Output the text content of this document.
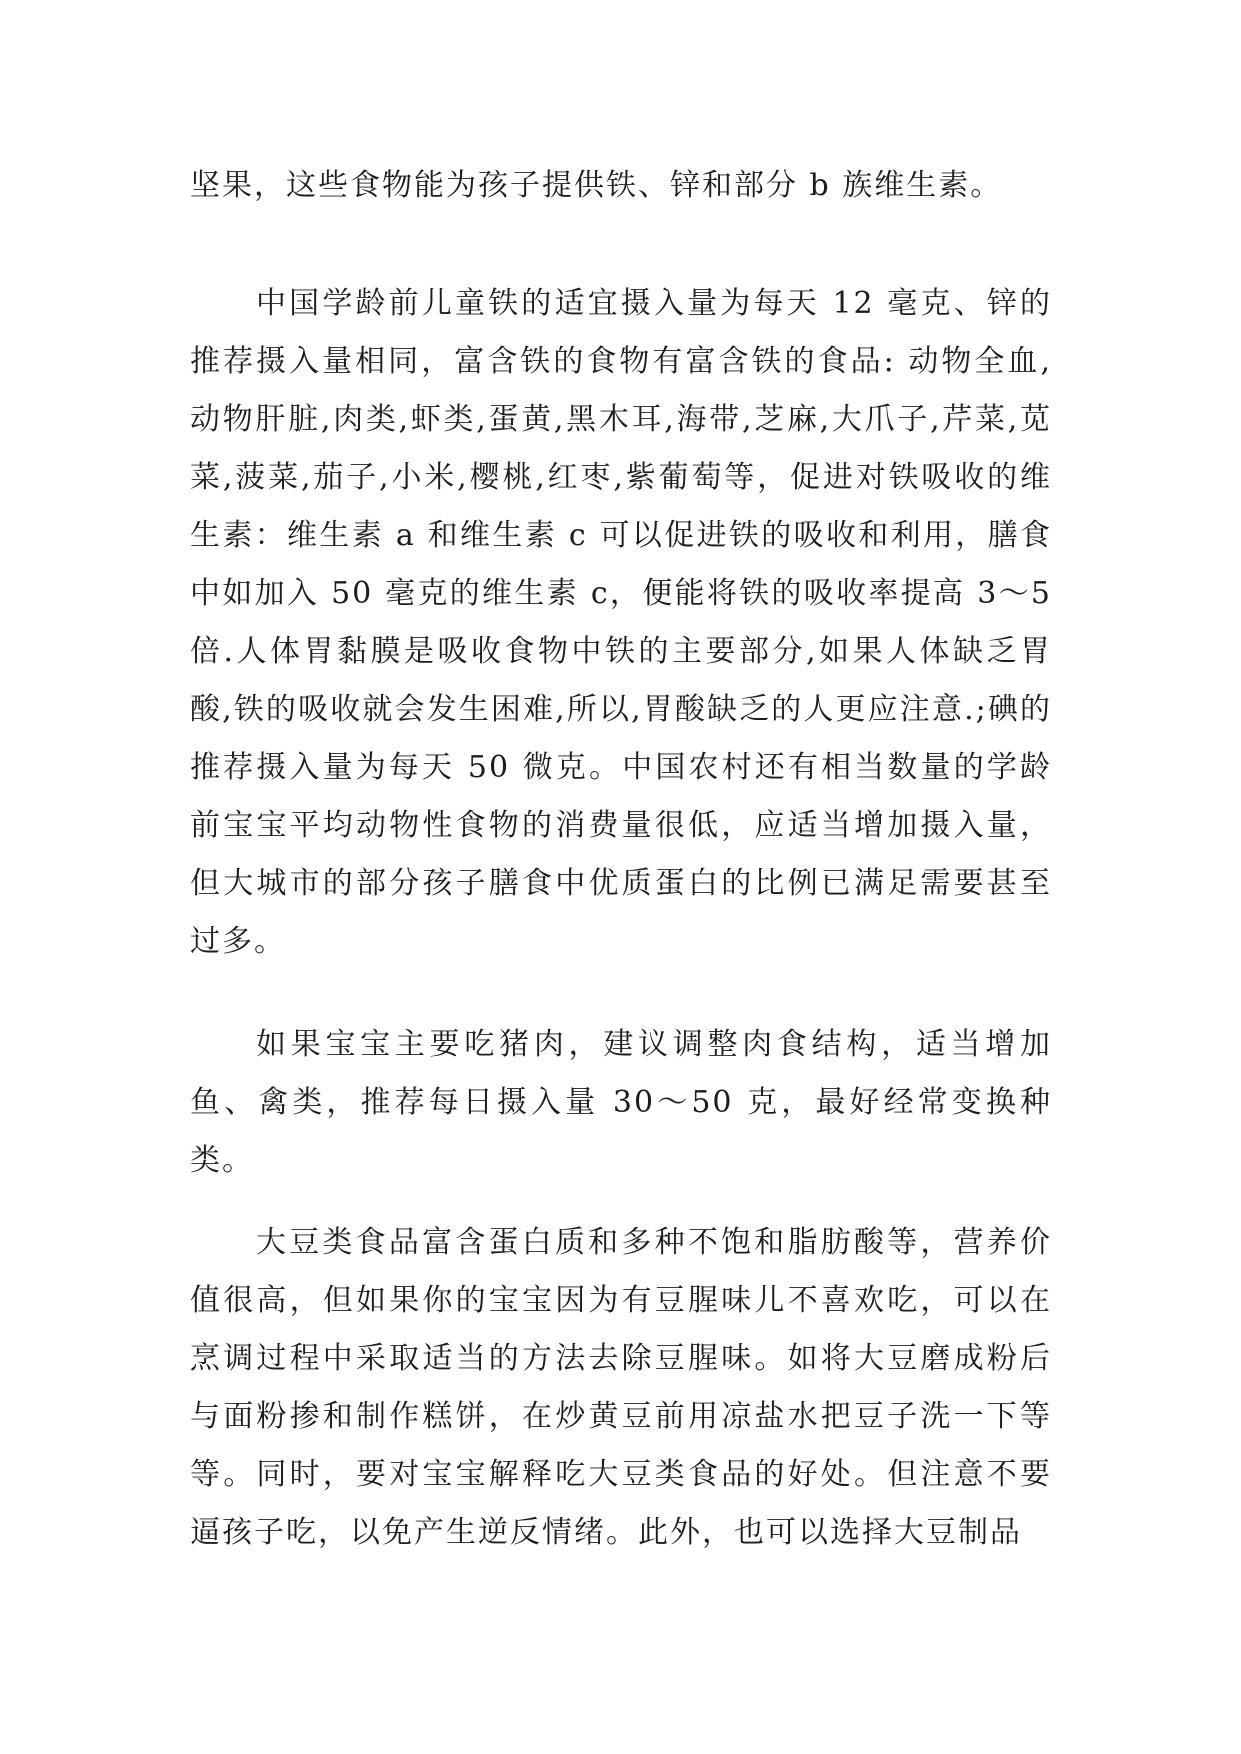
坚果，这些食物能为孩子提供铁、锌和部分 b 族维生素。

中国学龄前儿童铁的适宜摄入量为每天 12 毫克、锌的推荐摄入量相同，富含铁的食物有富含铁的食品: 动物全血,动物肝脏,肉类,虾类,蛋黄,黑木耳,海带,芝麻,大爪子,芹菜,苋菜,菠菜,茄子,小米,樱桃,红枣,紫葡萄等，促进对铁吸收的维生素：维生素 a 和维生素 c 可以促进铁的吸收和利用，膳食中如加入 50 毫克的维生素 c，便能将铁的吸收率提高 3～5 倍.人体胃黏膜是吸收食物中铁的主要部分,如果人体缺乏胃酸,铁的吸收就会发生困难,所以,胃酸缺乏的人更应注意.;碘的推荐摄入量为每天 50 微克。中国农村还有相当数量的学龄前宝宝平均动物性食物的消费量很低，应适当增加摄入量，但大城市的部分孩子膳食中优质蛋白的比例已满足需要甚至过多。

如果宝宝主要吃猪肉，建议调整肉食结构，适当增加鱼、禽类，推荐每日摄入量 30～50 克，最好经常变换种类。

大豆类食品富含蛋白质和多种不饱和脂肪酸等，营养价值很高，但如果你的宝宝因为有豆腥味儿不喜欢吃，可以在烹调过程中采取适当的方法去除豆腥味。如将大豆磨成粉后与面粉掺和制作糕饼，在炒黄豆前用凉盐水把豆子洗一下等等。同时，要对宝宝解释吃大豆类食品的好处。但注意不要逼孩子吃，以免产生逆反情绪。此外，也可以选择大豆制品
